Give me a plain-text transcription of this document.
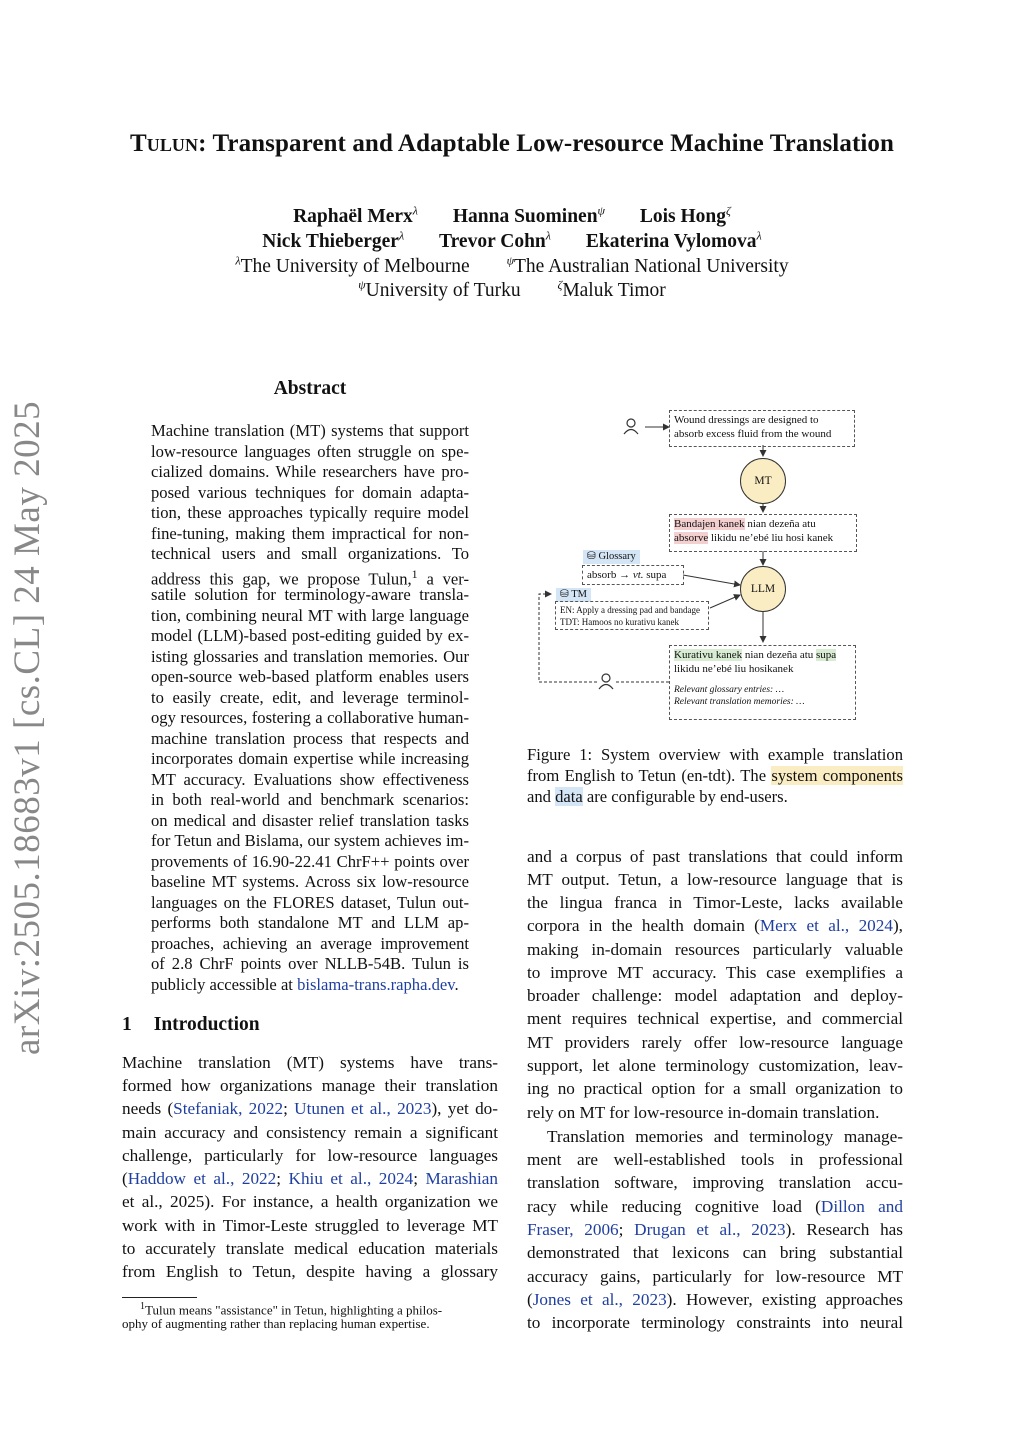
Tulun: Transparent and Adaptable Low-resource Machine Translation
Raphaël Merx$^\lambda$ Hanna Suominen$^\psi$ Lois Hong$^\zeta$
Nick Thieberger$^\lambda$ Trevor Cohn$^\lambda$ Ekaterina Vylomova$^\lambda$
$^\lambda$The University of Melbourne	$^\psi$The Australian National University
$^\psi$University of Turku	$^\zeta$Maluk Timor
arXiv:2505.18683v1 [cs.CL] 24 May 2025
Abstract
Machine translation (MT) systems that support
low-resource languages often struggle on spe-
cialized domains. While researchers have pro-
posed various techniques for domain adapta-
tion, these approaches typically require model
fine-tuning, making them impractical for non-
technical users and small organizations. To
address this gap, we propose Tulun,$^1$ a ver-
satile solution for terminology-aware transla-
tion, combining neural MT with large language
model (LLM)-based post-editing guided by ex-
isting glossaries and translation memories. Our
open-source web-based platform enables users
to easily create, edit, and leverage terminol-
ogy resources, fostering a collaborative human-
machine translation process that respects and
incorporates domain expertise while increasing
MT accuracy. Evaluations show effectiveness
in both real-world and benchmark scenarios:
on medical and disaster relief translation tasks
for Tetun and Bislama, our system achieves im-
provements of 16.90-22.41 ChrF++ points over
baseline MT systems. Across six low-resource
languages on the FLORES dataset, Tulun out-
performs both standalone MT and LLM ap-
proaches, achieving an average improvement
of 2.8 ChrF points over NLLB-54B. Tulun is
publicly accessible at bislama-trans.rapha.dev.
1 Introduction
Machine translation (MT) systems have trans-
formed how organizations manage their translation
needs (Stefaniak, 2022; Utunen et al., 2023), yet do-
main accuracy and consistency remain a significant
challenge, particularly for low-resource languages
(Haddow et al., 2022; Khiu et al., 2024; Marashian
et al., 2025). For instance, a health organization we
work with in Timor-Leste struggled to leverage MT
to accurately translate medical education materials
from English to Tetun, despite having a glossary
$^1$Tulun means "assistance" in Tetun, highlighting a philos-
ophy of augmenting rather than replacing human expertise.
Wound dressings are designed to
absorb excess fluid from the wound
MT
Bandajen kanek nian dezeña atu
absorve likidu ne’ebé liu hosi kanek
⛁ Glossary
absorb → vt. supa
LLM
⛁ TM
EN: Apply a dressing pad and bandage
TDT: Hamoos no kurativu kanek
Kurativu kanek nian dezeña atu supa
likidu ne’ebé liu hosikanek
Relevant glossary entries: …
Relevant translation memories: …
Figure 1: System overview with example translation
from English to Tetun (en-tdt). The system components
and data are configurable by end-users.
and a corpus of past translations that could inform
MT output. Tetun, a low-resource language that is
the lingua franca in Timor-Leste, lacks available
corpora in the health domain (Merx et al., 2024),
making in-domain resources particularly valuable
to improve MT accuracy. This case exemplifies a
broader challenge: model adaptation and deploy-
ment requires technical expertise, and commercial
MT providers rarely offer low-resource language
support, let alone terminology customization, leav-
ing no practical option for a small organization to
rely on MT for low-resource in-domain translation.
Translation memories and terminology manage-
ment are well-established tools in professional
translation software, improving translation accu-
racy while reducing cognitive load (Dillon and
Fraser, 2006; Drugan et al., 2023). Research has
demonstrated that lexicons can bring substantial
accuracy gains, particularly for low-resource MT
(Jones et al., 2023). However, existing approaches
to incorporate terminology constraints into neural
